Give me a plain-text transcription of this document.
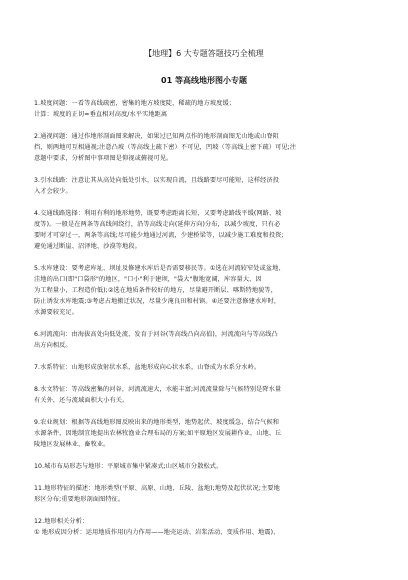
【地理】6 大专题答题技巧全梳理
01 等高线地形图小专题
1.坡度问题：一看等高线疏密，密集的地方坡度陡，稀疏的地方坡度缓；
计算：坡度的正切=垂直相对高度/水平实地距离
2.通视问题：通过作地形剖面图来解决，如果过已知两点作的地形剖面图无山地或山脊阻
挡，则两地可互相通视;注意凸坡（等高线上疏下密）不可见，凹坡（等高线上密下疏）可见;注
意题中要求，分析图中事项图是仰视或俯视可见。
3.引水线路：注意让其从高处向低处引水，以实现自流，且线路要尽可能短，这样经济投
入才会较少。
4.交通线路选择：利用有利的地形地势，既要考虑距离长短，又要考虑路线平缓(网路、坡
度等)。一般是在两条等高线间绕行，沿等高线走向(延伸方向)分布，以减少坡度，只有必
要时才可穿过一，两条等高线;尽可能少地通过河流，少建桥梁等，以减少施工难度和投资;
避免通过断崖、沼泽地、沙漠等地段。
5.水库建设：要考虑库址、坝址及修建水库后是否需要移民等。①选在河流较窄处或盆地、
洼地的出口(即"口袋形"的地区，"口小"利于建坝，"袋大"腹地宽阔，库容量大、因
为工程量小，工程造价低);②选在地质条件较好的地方，尽量避开断层、喀斯特地貌等，
防止诱发水库地震;③考虑占地搬迁状况，尽量少淹良田和村镇。④还要注意修建水库时，
水源要较充足。
6.河流流向：由海拔高处向低处流，发育于河谷(等高线凸向高值)，河流流向与等高线凸
出方向相反。
7.水系特征：山地形成放射状水系，盆地形成向心状水系，山脊成为水系分水岭。
8.水文特征：等高线密集的河谷，河流流速大，水能丰富;河流流量除与气候特别是降水量
有关外，还与流域面积大小有关。
9.农业规划：根据等高线地形图反映出来的地形类型，地势起伏、坡度缓急，结合气候和
水源条件，因地制宜地提出农林牧渔业合理布局的方案;如平原地区发展耕作业，山地、丘
陵地区发展林业、畜牧业。
10.城市布局形态与地形：平原城市集中紧凑式;山区城市分散松式。
11.地形特征的描述：地形类型(平原、高原、山地、丘陵、盆地);地势及起伏状况;主要地
形区分布;重要地形剖面图特征。
12.地形相关分析：
① 地形成因分析：运用地质作用(内力作用——地壳运动、岩浆活动、变质作用、地震)、
